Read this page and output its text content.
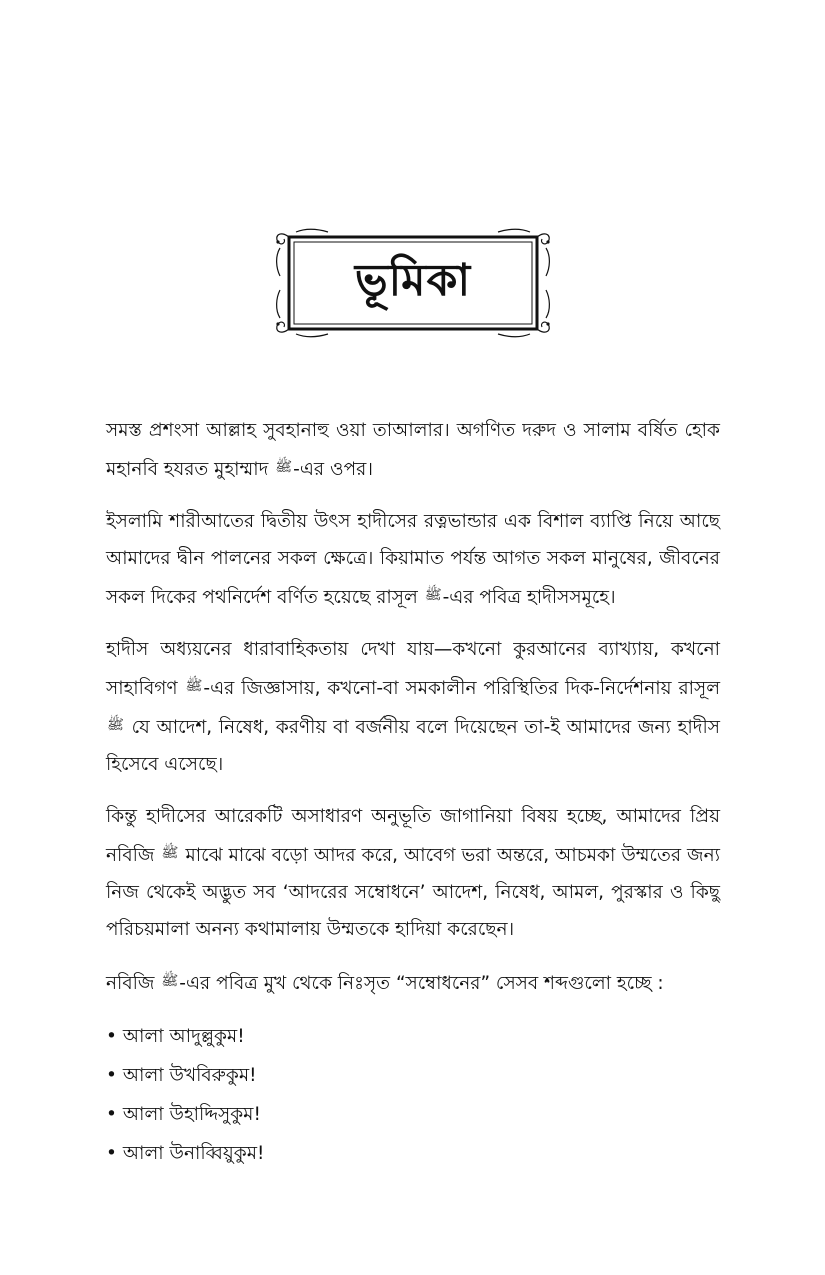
ভূমিকা

সমস্ত প্রশংসা আল্লাহ সুবহানাহু ওয়া তাআলার। অগণিত দরুদ ও সালাম বর্ষিত হোক মহানবি হযরত মুহাম্মাদ ﷺ-এর ওপর।

ইসলামি শারীআতের দ্বিতীয় উৎস হাদীসের রত্নভান্ডার এক বিশাল ব্যাপ্তি নিয়ে আছে আমাদের দ্বীন পালনের সকল ক্ষেত্রে। কিয়ামাত পর্যন্ত আগত সকল মানুষের, জীবনের সকল দিকের পথনির্দেশ বর্ণিত হয়েছে রাসূল ﷺ-এর পবিত্র হাদীসসমূহে।

হাদীস অধ্যয়নের ধারাবাহিকতায় দেখা যায়—কখনো কুরআনের ব্যাখ্যায়, কখনো সাহাবিগণ ﷺ-এর জিজ্ঞাসায়, কখনো-বা সমকালীন পরিস্থিতির দিক-নির্দেশনায় রাসূল ﷺ যে আদেশ, নিষেধ, করণীয় বা বর্জনীয় বলে দিয়েছেন তা-ই আমাদের জন্য হাদীস হিসেবে এসেছে।

কিন্তু হাদীসের আরেকটি অসাধারণ অনুভূতি জাগানিয়া বিষয় হচ্ছে, আমাদের প্রিয় নবিজি ﷺ মাঝে মাঝে বড়ো আদর করে, আবেগ ভরা অন্তরে, আচমকা উম্মতের জন্য নিজ থেকেই অদ্ভুত সব ‘আদরের সম্বোধনে’ আদেশ, নিষেধ, আমল, পুরস্কার ও কিছু পরিচয়মালা অনন্য কথামালায় উম্মতকে হাদিয়া করেছেন।

নবিজি ﷺ-এর পবিত্র মুখ থেকে নিঃসৃত “সম্বোধনের” সেসব শব্দগুলো হচ্ছে :

• আলা আদুল্লুকুম!
• আলা উখবিরুকুম!
• আলা উহাদ্দিসুকুম!
• আলা উনাব্বিয়ুকুম!
